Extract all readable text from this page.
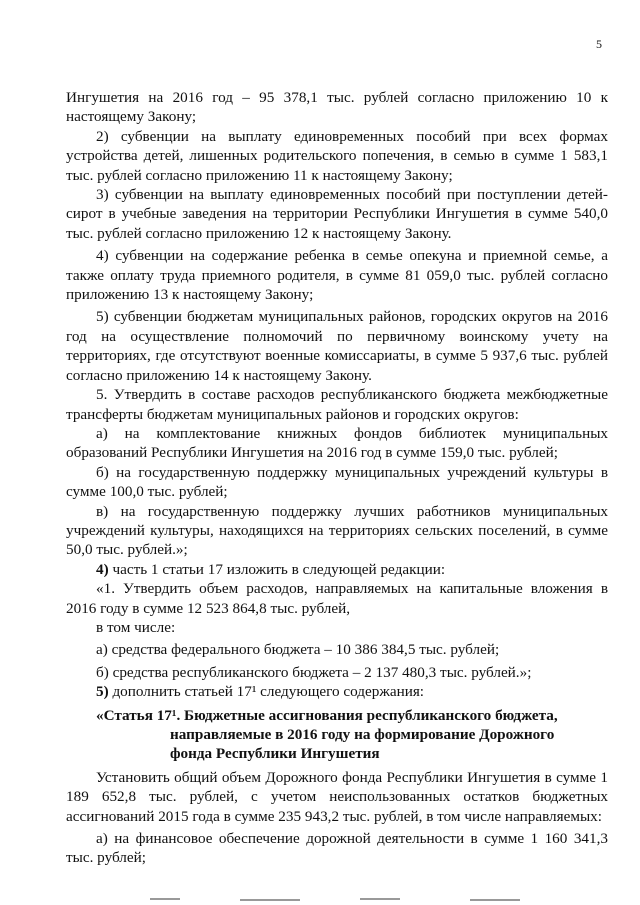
5

Ингушетия на 2016 год – 95 378,1 тыс. рублей согласно приложению 10 к настоящему Закону;

2) субвенции на выплату единовременных пособий при всех формах устройства детей, лишенных родительского попечения, в семью в сумме 1 583,1 тыс. рублей согласно приложению 11 к настоящему Закону;

3) субвенции на выплату единовременных пособий при поступлении детей-сирот в учебные заведения на территории Республики Ингушетия в сумме 540,0 тыс. рублей согласно приложению 12 к настоящему Закону.

4) субвенции на содержание ребенка в семье опекуна и приемной семье, а также оплату труда приемного родителя, в сумме 81 059,0 тыс. рублей согласно приложению 13 к настоящему Закону;

5) субвенции бюджетам муниципальных районов, городских округов на 2016 год на осуществление полномочий по первичному воинскому учету на территориях, где отсутствуют военные комиссариаты, в сумме 5 937,6 тыс. рублей согласно приложению 14 к настоящему Закону.

5. Утвердить в составе расходов республиканского бюджета межбюджетные трансферты бюджетам муниципальных районов и городских округов:

а) на комплектование книжных фондов библиотек муниципальных образований Республики Ингушетия на 2016 год в сумме 159,0 тыс. рублей;

б) на государственную поддержку муниципальных учреждений культуры в сумме 100,0 тыс. рублей;

в) на государственную поддержку лучших работников муниципальных учреждений культуры, находящихся на территориях сельских поселений, в сумме 50,0 тыс. рублей.»;

4) часть 1 статьи 17 изложить в следующей редакции:

«1. Утвердить объем расходов, направляемых на капитальные вложения в 2016 году в сумме 12 523 864,8 тыс. рублей,

в том числе:

а) средства федерального бюджета – 10 386 384,5 тыс. рублей;

б) средства республиканского бюджета – 2 137 480,3 тыс. рублей.»;

5) дополнить статьей 17¹ следующего содержания:

«Статья 17¹. Бюджетные ассигнования республиканского бюджета,
направляемые в 2016 году на формирование Дорожного
фонда Республики Ингушетия

Установить общий объем Дорожного фонда Республики Ингушетия в сумме 1 189 652,8 тыс. рублей, с учетом неиспользованных остатков бюджетных ассигнований 2015 года в сумме 235 943,2 тыс. рублей, в том числе направляемых:

а) на финансовое обеспечение дорожной деятельности в сумме 1 160 341,3 тыс. рублей;
